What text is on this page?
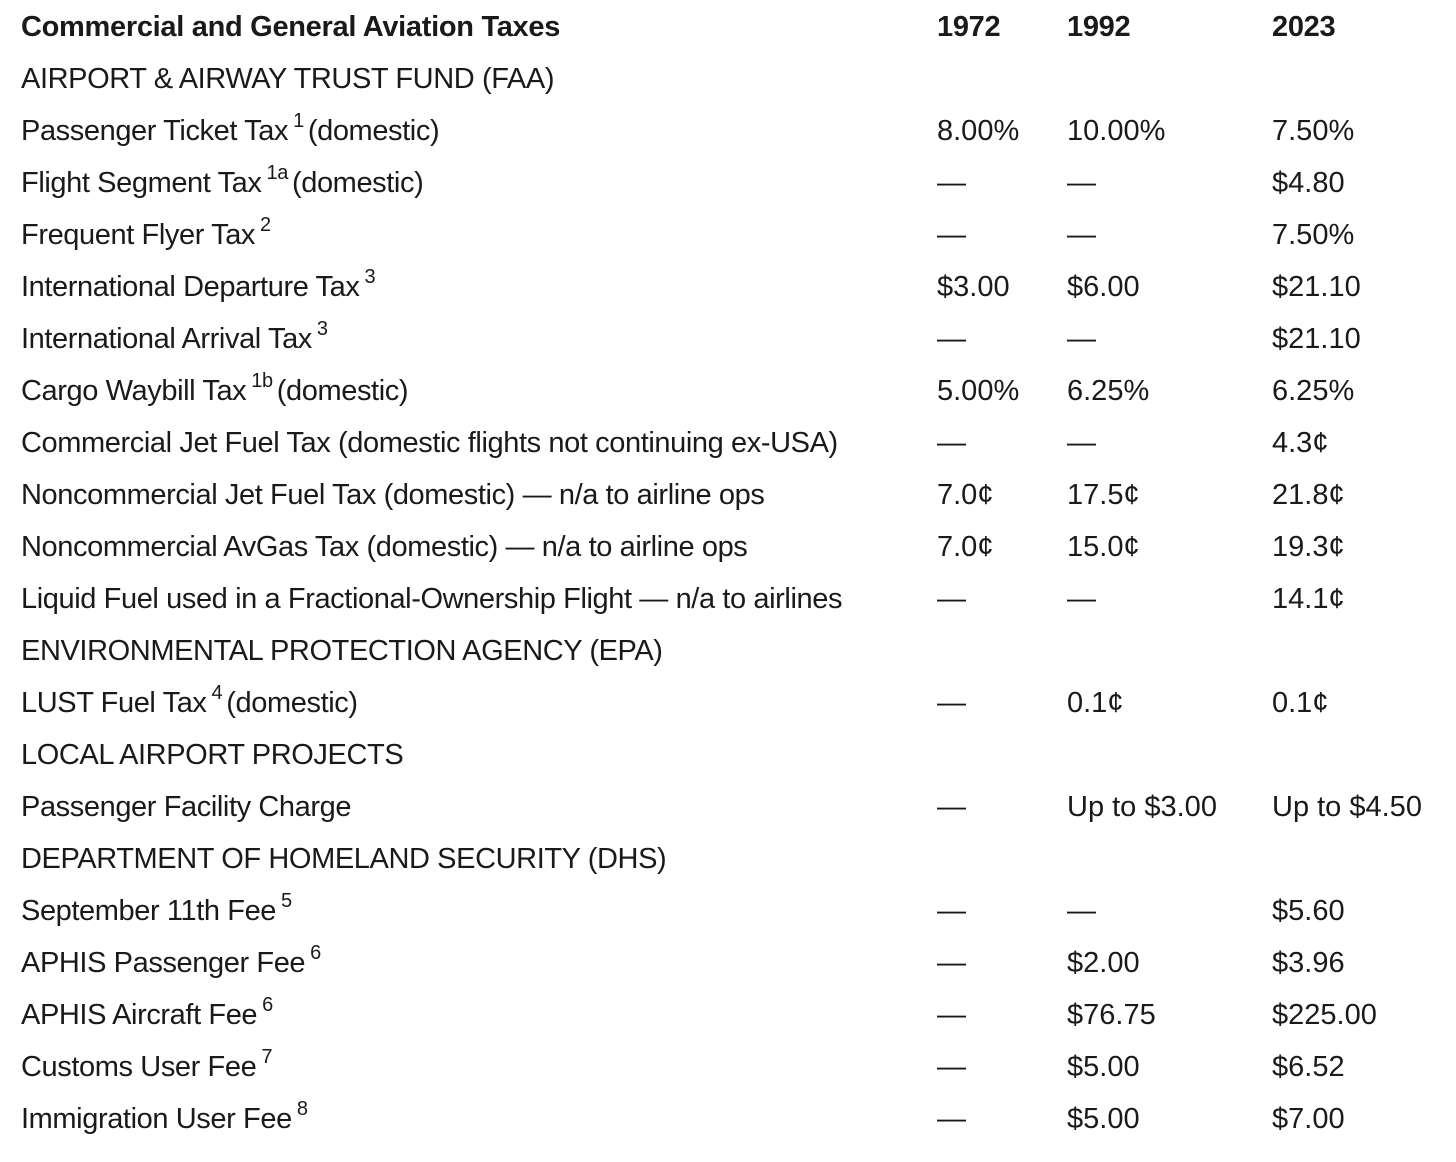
Commercial and General Aviation Taxes	1972 1992	2023
AIRPORT & AIRWAY TRUST FUND (FAA)
Passenger Ticket Tax $^1$ (domestic)	8.00% 10.00%	7.50%
Flight Segment Tax $^{1a}$ (domestic)	—	—	$4.80
Frequent Flyer Tax $^2$	—	—	7.50%
International Departure Tax $^3$	$3.00 $6.00	$21.10
International Arrival Tax $^3$	—	—	$21.10
Cargo Waybill Tax $^{1b}$ (domestic)	5.00% 6.25%	6.25%
Commercial Jet Fuel Tax (domestic flights not continuing ex-USA)	—	—	4.3¢
Noncommercial Jet Fuel Tax (domestic) — n/a to airline ops	7.0¢	17.5¢	21.8¢
Noncommercial AvGas Tax (domestic) — n/a to airline ops	7.0¢	15.0¢	19.3¢
Liquid Fuel used in a Fractional-Ownership Flight — n/a to airlines	—	—	14.1¢
ENVIRONMENTAL PROTECTION AGENCY (EPA)
LUST Fuel Tax $^4$ (domestic)	—	0.1¢	0.1¢
LOCAL AIRPORT PROJECTS
Passenger Facility Charge	—	Up to $3.00 Up to $4.50
DEPARTMENT OF HOMELAND SECURITY (DHS)
September 11th Fee $^5$	—	—	$5.60
APHIS Passenger Fee $^6$	—	$2.00	$3.96
APHIS Aircraft Fee $^6$	—	$76.75	$225.00
Customs User Fee $^7$	—	$5.00	$6.52
Immigration User Fee $^8$	—	$5.00	$7.00
